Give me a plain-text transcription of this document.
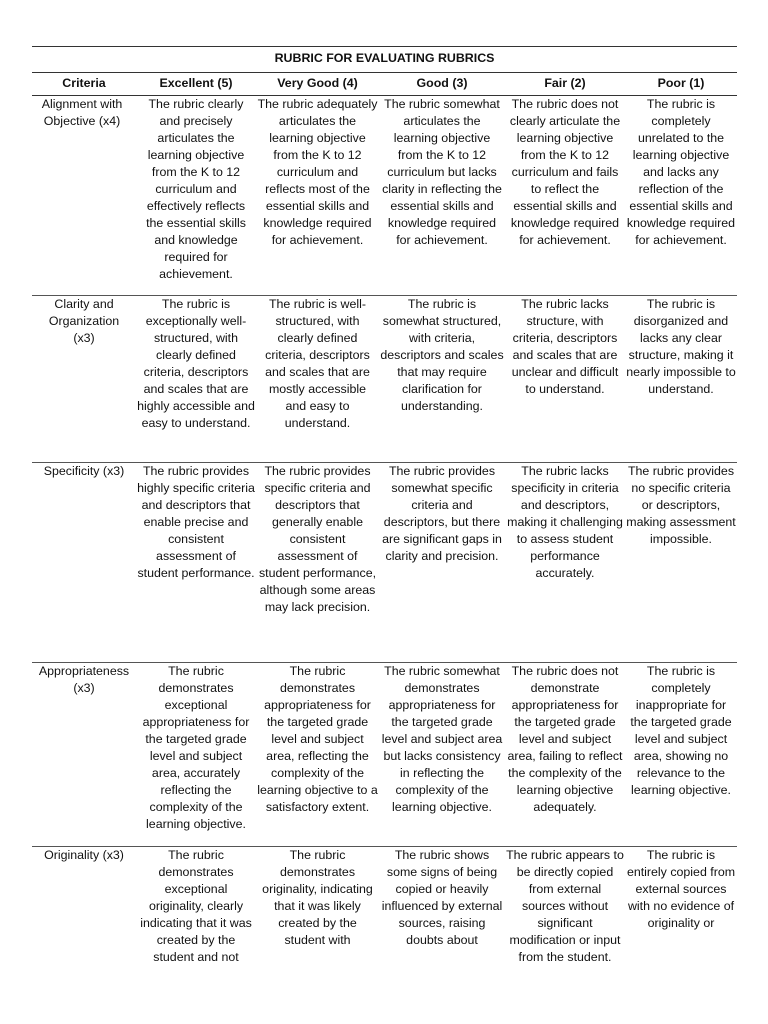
RUBRIC FOR EVALUATING RUBRICS					
Criteria	Excellent (5)	Very Good (4)	Good (3)	Fair (2)	Poor (1)
Alignment with Objective (x4)	The rubric clearly and precisely articulates the learning objective from the K to 12 curriculum and effectively reflects the essential skills and knowledge required for achievement.	The rubric adequately articulates the learning objective from the K to 12 curriculum and reflects most of the essential skills and knowledge required for achievement.	The rubric somewhat articulates the learning objective from the K to 12 curriculum but lacks clarity in reflecting the essential skills and knowledge required for achievement.	The rubric does not clearly articulate the learning objective from the K to 12 curriculum and fails to reflect the essential skills and knowledge required for achievement.	The rubric is completely unrelated to the learning objective and lacks any reflection of the essential skills and knowledge required for achievement.
Clarity and Organization (x3)	The rubric is exceptionally well-structured, with clearly defined criteria, descriptors and scales that are highly accessible and easy to understand.	The rubric is well-structured, with clearly defined criteria, descriptors and scales that are mostly accessible and easy to understand.	The rubric is somewhat structured, with criteria, descriptors and scales that may require clarification for understanding.	The rubric lacks structure, with criteria, descriptors and scales that are unclear and difficult to understand.	The rubric is disorganized and lacks any clear structure, making it nearly impossible to understand.
Specificity (x3)	The rubric provides highly specific criteria and descriptors that enable precise and consistent assessment of student performance.	The rubric provides specific criteria and descriptors that generally enable consistent assessment of student performance, although some areas may lack precision.	The rubric provides somewhat specific criteria and descriptors, but there are significant gaps in clarity and precision.	The rubric lacks specificity in criteria and descriptors, making it challenging to assess student performance accurately.	The rubric provides no specific criteria or descriptors, making assessment impossible.
Appropriateness (x3)	The rubric demonstrates exceptional appropriateness for the targeted grade level and subject area, accurately reflecting the complexity of the learning objective.	The rubric demonstrates appropriateness for the targeted grade level and subject area, reflecting the complexity of the learning objective to a satisfactory extent.	The rubric somewhat demonstrates appropriateness for the targeted grade level and subject area but lacks consistency in reflecting the complexity of the learning objective.	The rubric does not demonstrate appropriateness for the targeted grade level and subject area, failing to reflect the complexity of the learning objective adequately.	The rubric is completely inappropriate for the targeted grade level and subject area, showing no relevance to the learning objective.
Originality (x3)	The rubric demonstrates exceptional originality, clearly indicating that it was created by the student and not	The rubric demonstrates originality, indicating that it was likely created by the student with	The rubric shows some signs of being copied or heavily influenced by external sources, raising doubts about	The rubric appears to be directly copied from external sources without significant modification or input from the student.	The rubric is entirely copied from external sources with no evidence of originality or
